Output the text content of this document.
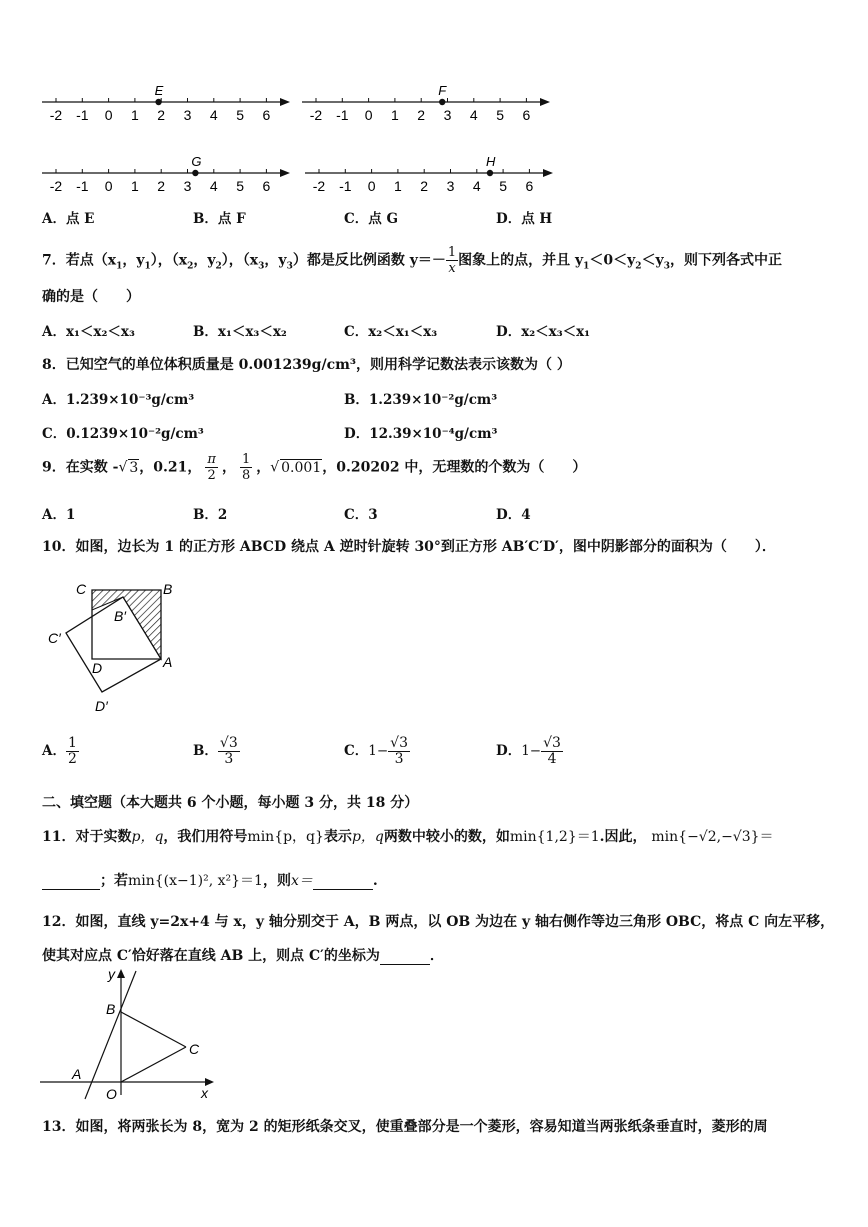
-2 -1 0 1 2 3 4 5 6
E
-2 -1 0 1 2 3 4 5 6
F
-2 -1 0 1 2 3 4 5 6
G
-2 -1 0 1 2 3 4 5 6
H
A．点 E	B．点 F	C．点 G	D．点 H
7．若点（$x_1$，$y_1$），（$x_2$，$y_2$），（$x_3$，$y_3$）都是反比例函数 $y=- \frac{1}{x}$ 图象上的点，并且 $y_1<0<y_2<y_3$，则下列各式中正
确的是（　　）
A．x₁＜x₂＜x₃	B．x₁＜x₃＜x₂	C．x₂＜x₁＜x₃	D．x₂＜x₃＜x₁
8．已知空气的单位体积质量是 0.001239g/cm³，则用科学记数法表示该数为（ ）
A．1.239×10⁻³g/cm³	B．1.239×10⁻²g/cm³
C．0.1239×10⁻²g/cm³	D．12.39×10⁻⁴g/cm³
9．在实数 -√ 3，0.21， $\frac{\pi}{2}$ ， $\frac{1}{8}$ ，√ 0.001，0.20202 中，无理数的个数为（　　）
A．1	B．2	C．3	D．4
10．如图，边长为 1 的正方形 ABCD 绕点 A 逆时针旋转 30°到正方形 AB′C′D′，图中阴影部分的面积为（　　）．
C	B
B′
C′
D	A
D′
A． $\frac{1}{2}$	B． $\frac{√3}{3}$	C．$1- \frac{√3}{3}$	D．$1- \frac{√3}{4}$
二、填空题（本大题共 6 个小题，每小题 3 分，共 18 分）
11．对于实数p，q，我们用符号min{p，q}表示p，q两数中较小的数，如min{1,2}＝1.因此， min{−√2,−√3}＝
；若min{(x−1)², x²}＝1，则x＝	.
12．如图，直线 y=2x+4 与 x，y 轴分别交于 A，B 两点，以 OB 为边在 y 轴右侧作等边三角形 OBC，将点 C 向左平移，
使其对应点 C′恰好落在直线 AB 上，则点 C′的坐标为	．
y
B
C
A
O	x
13．如图，将两张长为 8，宽为 2 的矩形纸条交叉，使重叠部分是一个菱形，容易知道当两张纸条垂直时，菱形的周
